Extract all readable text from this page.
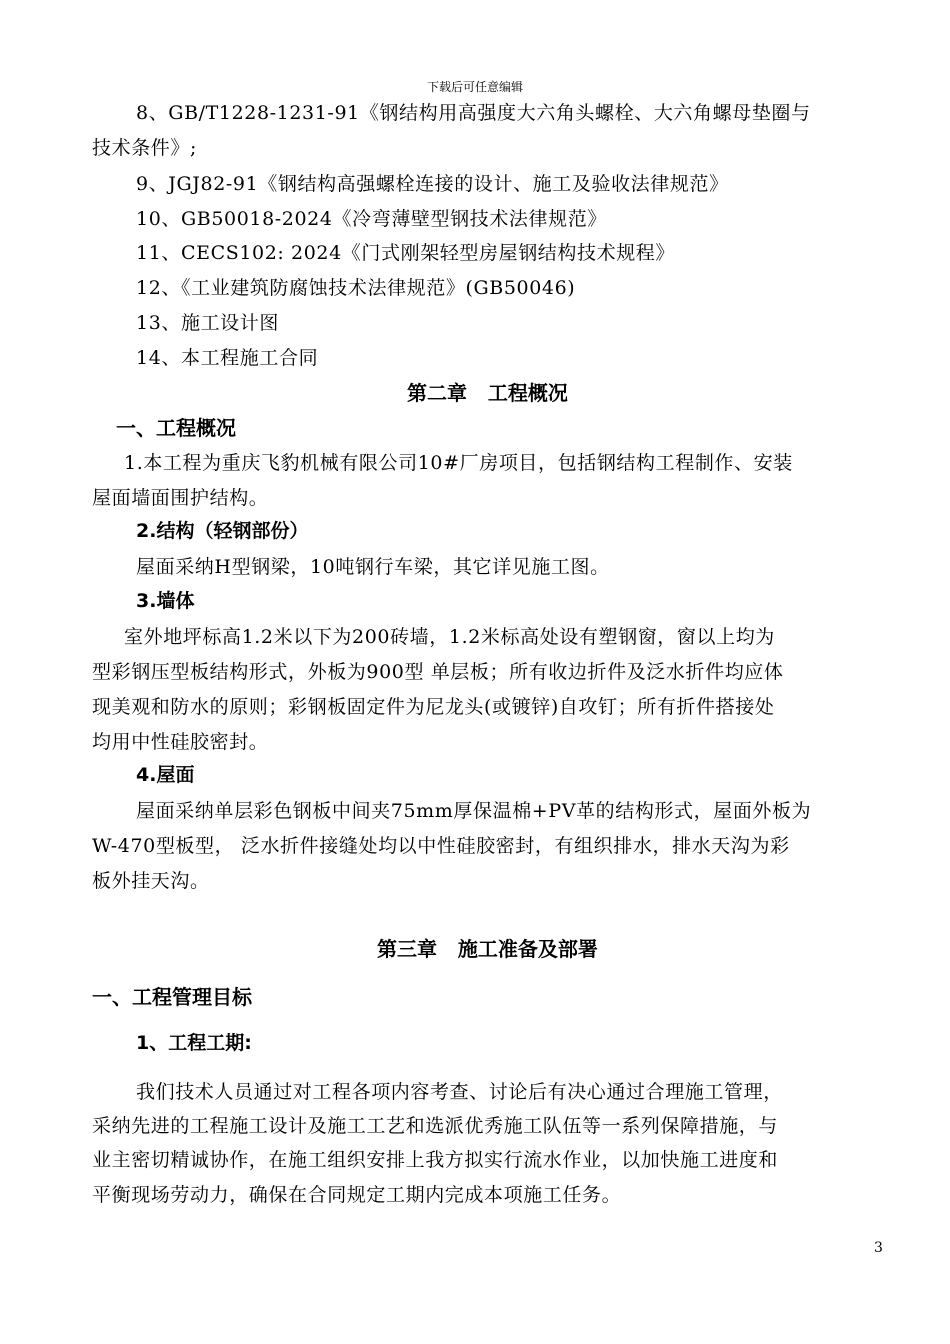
下载后可任意编辑
8、GB/T1228-1231-91《钢结构用高强度大六角头螺栓、大六角螺母垫圈与
技术条件》;
9、JGJ82-91《钢结构高强螺栓连接的设计、施工及验收法律规范》
10、GB50018-2024《冷弯薄壁型钢技术法律规范》
11、CECS102: 2024《门式刚架轻型房屋钢结构技术规程》
12、《工业建筑防腐蚀技术法律规范》(GB50046)
13、施工设计图
14、本工程施工合同
第二章   工程概况
一、工程概况
1.本工程为重庆飞豹机械有限公司10#厂房项目，包括钢结构工程制作、安装
屋面墙面围护结构。
2.结构（轻钢部份）
屋面采纳H型钢梁，10吨钢行车梁，其它详见施工图。
3.墙体
室外地坪标高1.2米以下为200砖墙，1.2米标高处设有塑钢窗，窗以上均为
型彩钢压型板结构形式，外板为900型 单层板；所有收边折件及泛水折件均应体
现美观和防水的原则；彩钢板固定件为尼龙头(或镀锌)自攻钉；所有折件搭接处
均用中性硅胶密封。
4.屋面
屋面采纳单层彩色钢板中间夹75mm厚保温棉+PV革的结构形式，屋面外板为
W-470型板型， 泛水折件接缝处均以中性硅胶密封，有组织排水，排水天沟为彩
板外挂天沟。
第三章   施工准备及部署
一、工程管理目标
1、工程工期:
我们技术人员通过对工程各项内容考查、讨论后有决心通过合理施工管理，
采纳先进的工程施工设计及施工工艺和选派优秀施工队伍等一系列保障措施，与
业主密切精诚协作，在施工组织安排上我方拟实行流水作业，以加快施工进度和
平衡现场劳动力，确保在合同规定工期内完成本项施工任务。
3
